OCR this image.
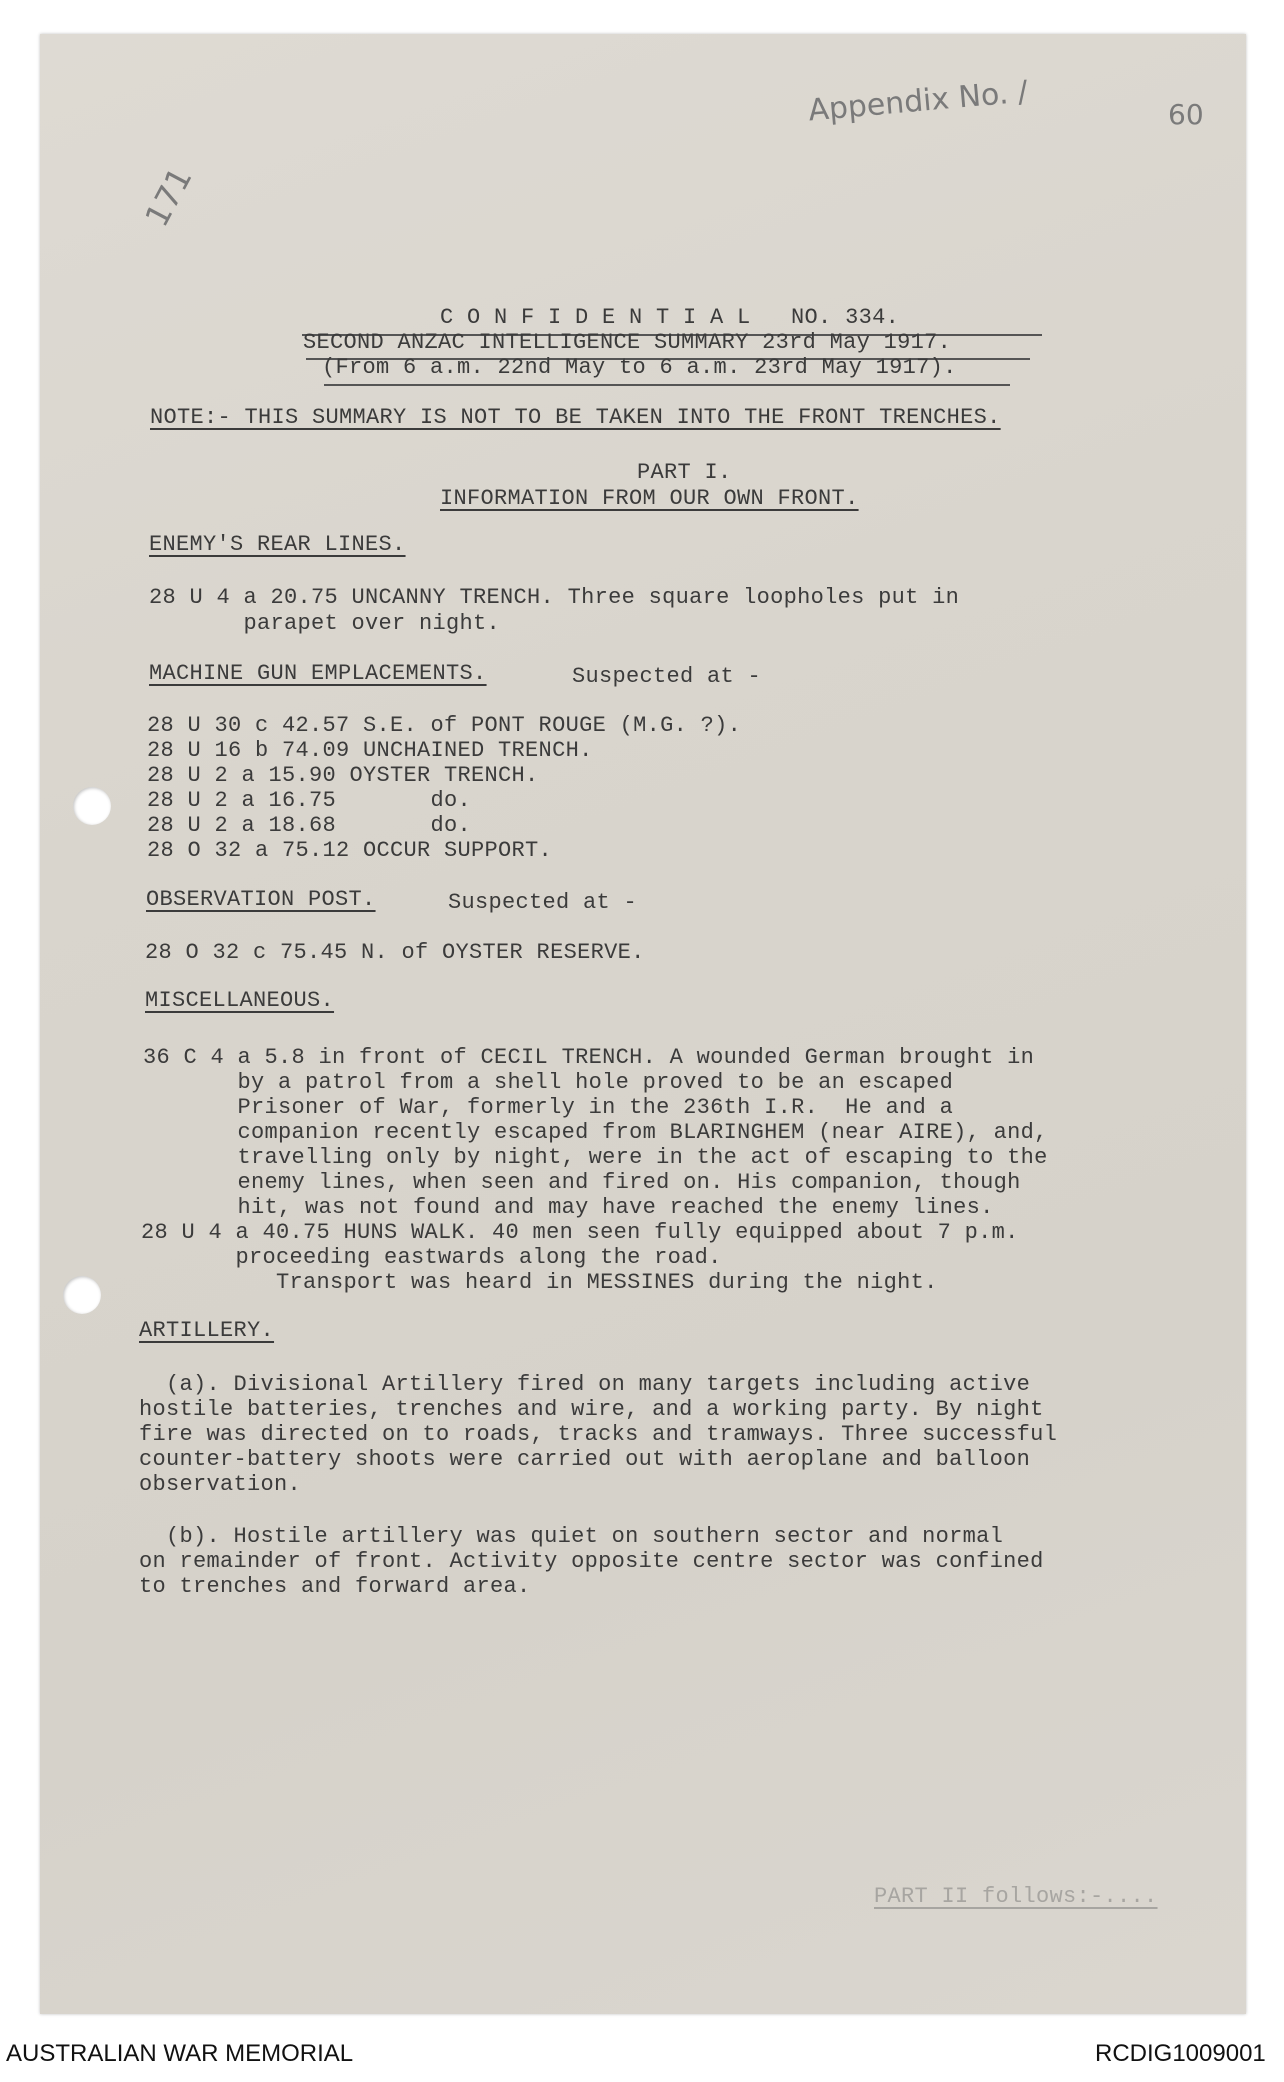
Appendix No. /	60
171
C O N F I D E N T I A L   NO. 334.
SECOND ANZAC INTELLIGENCE SUMMARY 23rd May 1917.
(From 6 a.m. 22nd May to 6 a.m. 23rd May 1917).
NOTE:- THIS SUMMARY IS NOT TO BE TAKEN INTO THE FRONT TRENCHES.
PART I.
INFORMATION FROM OUR OWN FRONT.
ENEMY'S REAR LINES.
28 U 4 a 20.75 UNCANNY TRENCH. Three square loopholes put in
parapet over night.
MACHINE GUN EMPLACEMENTS.	Suspected at -
28 U 30 c 42.57 S.E. of PONT ROUGE (M.G. ?).
28 U 16 b 74.09 UNCHAINED TRENCH.
28 U 2 a 15.90 OYSTER TRENCH.
28 U 2 a 16.75       do.
28 U 2 a 18.68       do.
28 O 32 a 75.12 OCCUR SUPPORT.
OBSERVATION POST.	Suspected at -
28 O 32 c 75.45 N. of OYSTER RESERVE.
MISCELLANEOUS.
36 C 4 a 5.8 in front of CECIL TRENCH. A wounded German brought in
by a patrol from a shell hole proved to be an escaped
Prisoner of War, formerly in the 236th I.R.  He and a
companion recently escaped from BLARINGHEM (near AIRE), and,
travelling only by night, were in the act of escaping to the
enemy lines, when seen and fired on. His companion, though
hit, was not found and may have reached the enemy lines.
28 U 4 a 40.75 HUNS WALK. 40 men seen fully equipped about 7 p.m.
proceeding eastwards along the road.
Transport was heard in MESSINES during the night.
ARTILLERY.
(a). Divisional Artillery fired on many targets including active
hostile batteries, trenches and wire, and a working party. By night
fire was directed on to roads, tracks and tramways. Three successful
counter-battery shoots were carried out with aeroplane and balloon
observation.
(b). Hostile artillery was quiet on southern sector and normal
on remainder of front. Activity opposite centre sector was confined
to trenches and forward area.
PART II follows:-....
AUSTRALIAN WAR MEMORIAL	RCDIG1009001
